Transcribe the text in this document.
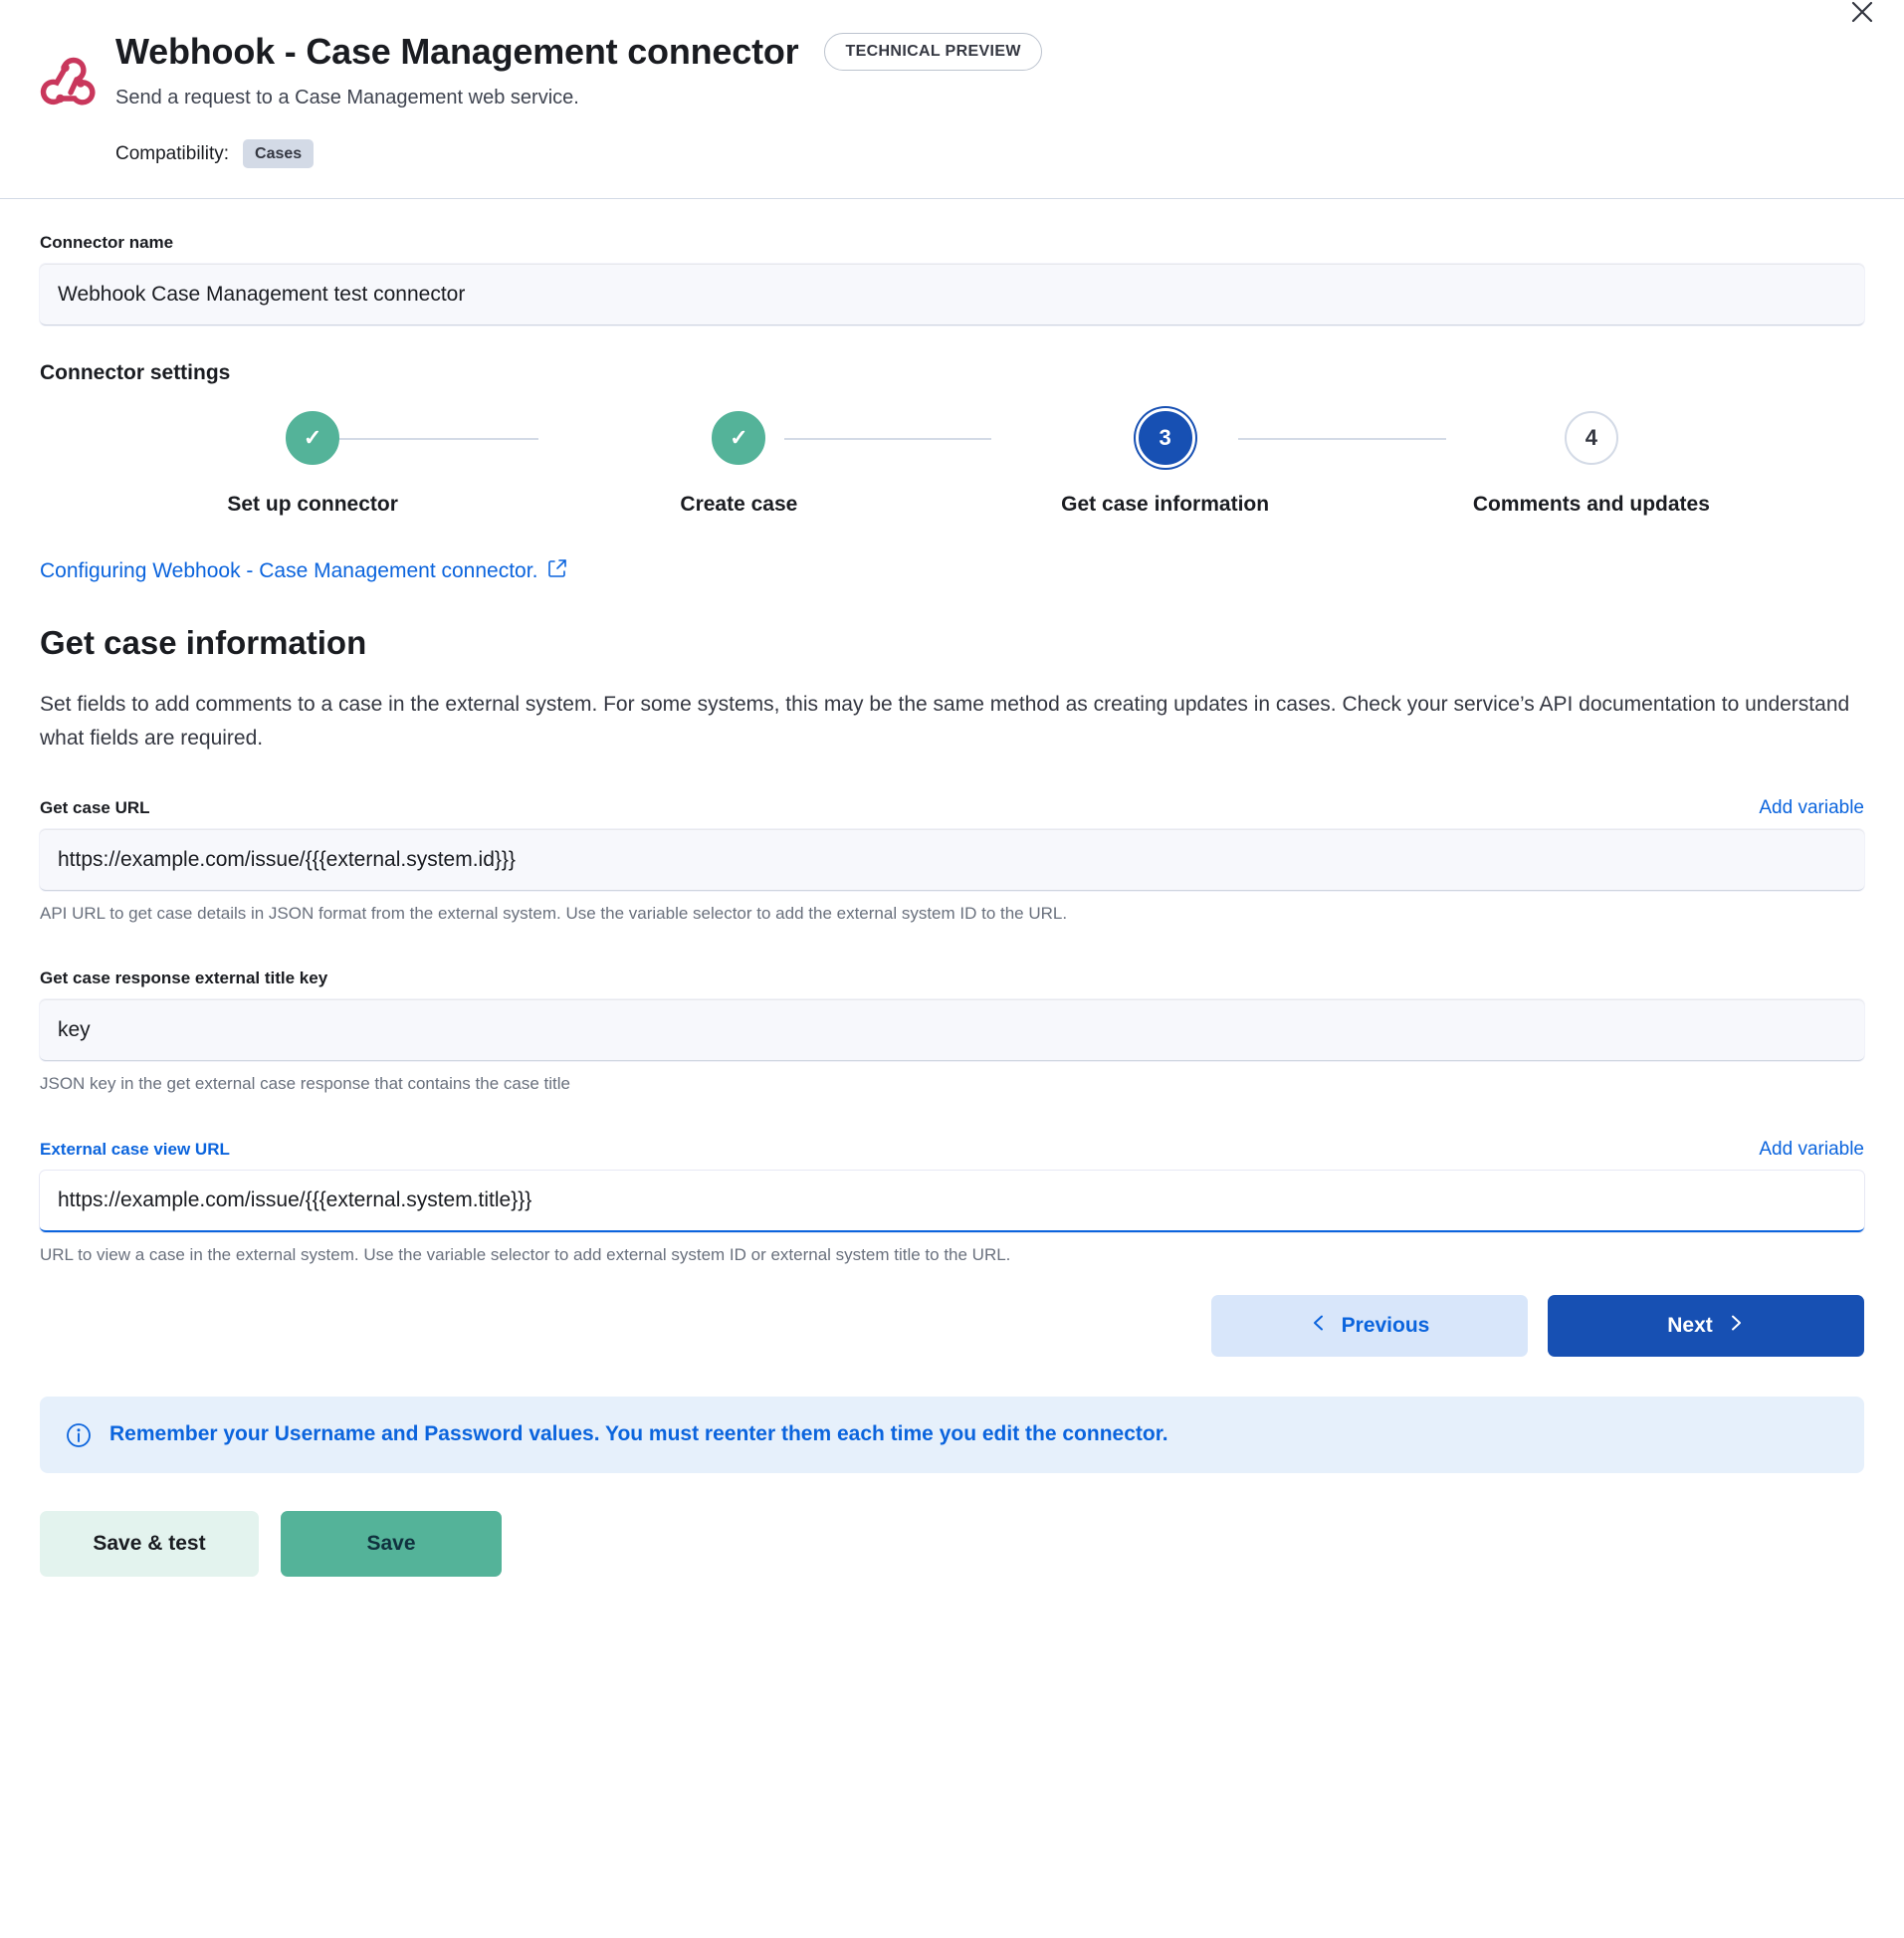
Webhook - Case Management connector	TECHNICAL PREVIEW

Send a request to a Case Management web service.

Compatibility:	Cases
Connector name
Webhook Case Management test connector
Connector settings
✓
Set up connector
✓
Create case
3
Get case information
4
Comments and updates
Configuring Webhook - Case Management connector.
Get case information

Set fields to add comments to a case in the external system. For some systems, this may be the same method as creating updates in cases. Check your service’s API documentation to understand what fields are required.

Get case URL	Add variable
https://example.com/issue/{{{external.system.id}}}
API URL to get case details in JSON format from the external system. Use the variable selector to add the external system ID to the URL.
Get case response external title key
key
JSON key in the get external case response that contains the case title
External case view URL	Add variable
https://example.com/issue/{{{external.system.title}}}
URL to view a case in the external system. Use the variable selector to add external system ID or external system title to the URL.
Previous	Next
Remember your Username and Password values. You must reenter them each time you edit the connector.
Save & test	Save
